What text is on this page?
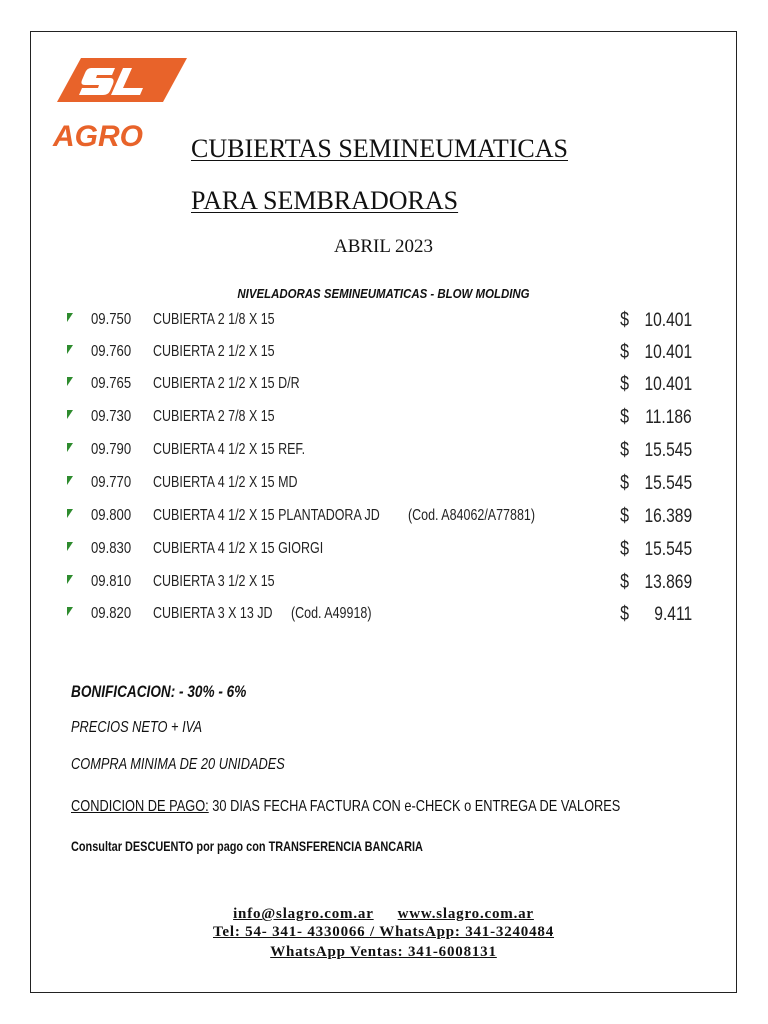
AGRO CUBIERTAS SEMINEUMATICAS
PARA SEMBRADORAS
ABRIL 2023
NIVELADORAS SEMINEUMATICAS - BLOW MOLDING
09.750 CUBIERTA 2 1/8 X 15	$ 10.401
09.760 CUBIERTA 2 1/2 X 15	$ 10.401
09.765 CUBIERTA 2 1/2 X 15 D/R	$ 10.401
09.730 CUBIERTA 2 7/8 X 15	$ 11.186
09.790 CUBIERTA 4 1/2 X 15 REF.	$ 15.545
09.770 CUBIERTA 4 1/2 X 15 MD	$ 15.545
09.800 CUBIERTA 4 1/2 X 15 PLANTADORA JD (Cod. A84062/A77881)	$ 16.389
09.830 CUBIERTA 4 1/2 X 15 GIORGI	$ 15.545
09.810 CUBIERTA 3 1/2 X 15	$ 13.869
09.820 CUBIERTA 3 X 13 JD (Cod. A49918)	$ 9.411
BONIFICACION: - 30% - 6%
PRECIOS NETO + IVA
COMPRA MINIMA DE 20 UNIDADES
CONDICION DE PAGO: 30 DIAS FECHA FACTURA CON e-CHECK o ENTREGA DE VALORES
Consultar DESCUENTO por pago con TRANSFERENCIA BANCARIA
info@slagro.com.ar www.slagro.com.ar
Tel: 54- 341- 4330066 / WhatsApp: 341-3240484
WhatsApp Ventas: 341-6008131
